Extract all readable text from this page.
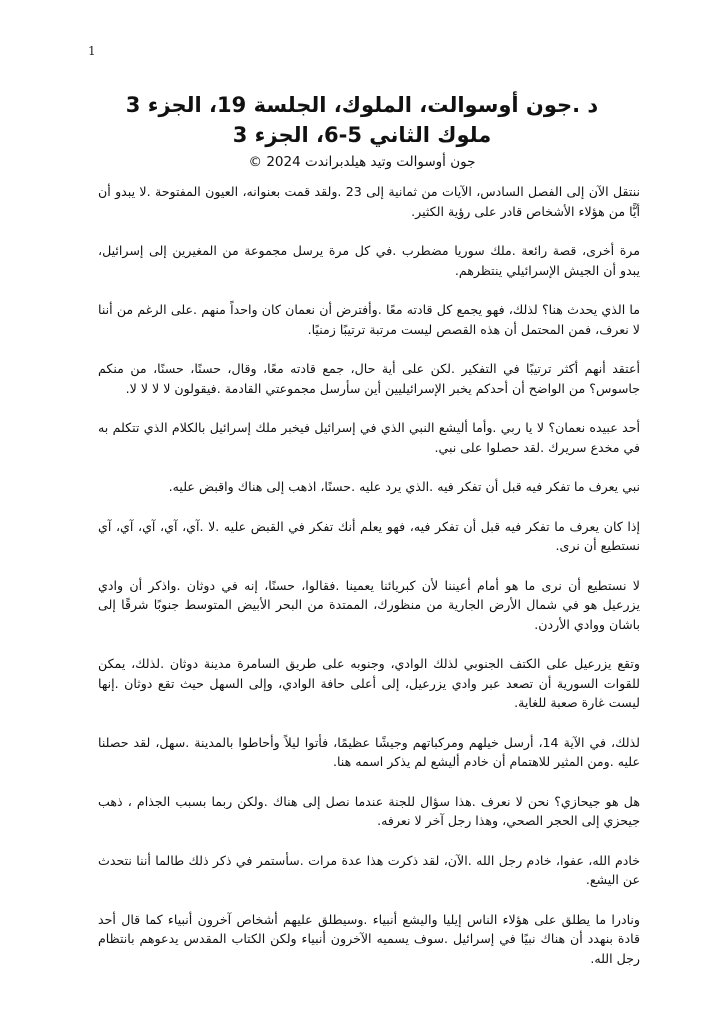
1
د .جون أوسوالت، الملوك، الجلسة 19، الجزء 3
ملوك الثاني 5-6، الجزء 3
جون أوسوالت وتيد هيلدبراندت 2024 ©

ننتقل الآن إلى الفصل السادس، الآيات من ثمانية إلى 23 .ولقد قمت بعنوانه، العيون المفتوحة .لا يبدو أن أيًّا من هؤلاء الأشخاص قادر على رؤية الكثير.

مرة أخرى، قصة رائعة .ملك سوريا مضطرب .في كل مرة يرسل مجموعة من المغيرين إلى إسرائيل، يبدو أن الجيش الإسرائيلي ينتظرهم.

ما الذي يحدث هنا؟ لذلك، فهو يجمع كل قادته معًا .وأفترض أن نعمان كان واحداً منهم .على الرغم من أننا لا نعرف، فمن المحتمل أن هذه القصص ليست مرتبة ترتيبًا زمنيًا.

أعتقد أنهم أكثر ترتيبًا في التفكير .لكن على أية حال، جمع قادته معًا، وقال، حسنًا، حسنًا، من منكم جاسوس؟ من الواضح أن أحدكم يخبر الإسرائيليين أين سأرسل مجموعتي القادمة .فيقولون لا لا لا لا.

أحد عبيده نعمان؟ لا يا ربي .وأما أليشع النبي الذي في إسرائيل فيخبر ملك إسرائيل بالكلام الذي تتكلم به في مخدع سريرك .لقد حصلوا على نبي.

نبي يعرف ما تفكر فيه قبل أن تفكر فيه .الذي يرد عليه .حسنًا، اذهب إلى هناك واقبض عليه.

إذا كان يعرف ما تفكر فيه قبل أن تفكر فيه، فهو يعلم أنك تفكر في القبض عليه .لا .آي، آي، آي، آي، آي نستطيع أن نرى.

لا نستطيع أن نرى ما هو أمام أعيننا لأن كبريائنا يعمينا .فقالوا، حسنًا، إنه في دوثان .واذكر أن وادي يزرعيل هو في شمال الأرض الجارية من منظورك، الممتدة من البحر الأبيض المتوسط جنوبًا شرقًا إلى باشان ووادي الأردن.

وتقع يزرعيل على الكتف الجنوبي لذلك الوادي، وجنوبه على طريق السامرة مدينة دوثان .لذلك، يمكن للقوات السورية أن تصعد عبر وادي يزرعيل، إلى أعلى حافة الوادي، وإلى السهل حيث تقع دوثان .إنها ليست غارة صعبة للغاية.

لذلك، في الآية 14، أرسل خيلهم ومركباتهم وجيشًا عظيمًا، فأتوا ليلاً وأحاطوا بالمدينة .سهل، لقد حصلنا عليه .ومن المثير للاهتمام أن خادم أليشع لم يذكر اسمه هنا.

هل هو جيحازي؟ نحن لا نعرف .هذا سؤال للجنة عندما نصل إلى هناك .ولكن ربما بسبب الجذام ، ذهب جيحزي إلى الحجر الصحي، وهذا رجل آخر لا نعرفه.

خادم الله، عفوا، خادم رجل الله .الآن، لقد ذكرت هذا عدة مرات .سأستمر في ذكر ذلك طالما أننا نتحدث عن اليشع.

ونادرا ما يطلق على هؤلاء الناس إيليا واليشع أنبياء .وسيطلق عليهم أشخاص آخرون أنبياء كما قال أحد قادة بنهدد أن هناك نبيًا في إسرائيل .سوف يسميه الآخرون أنبياء ولكن الكتاب المقدس يدعوهم بانتظام رجل الله.
